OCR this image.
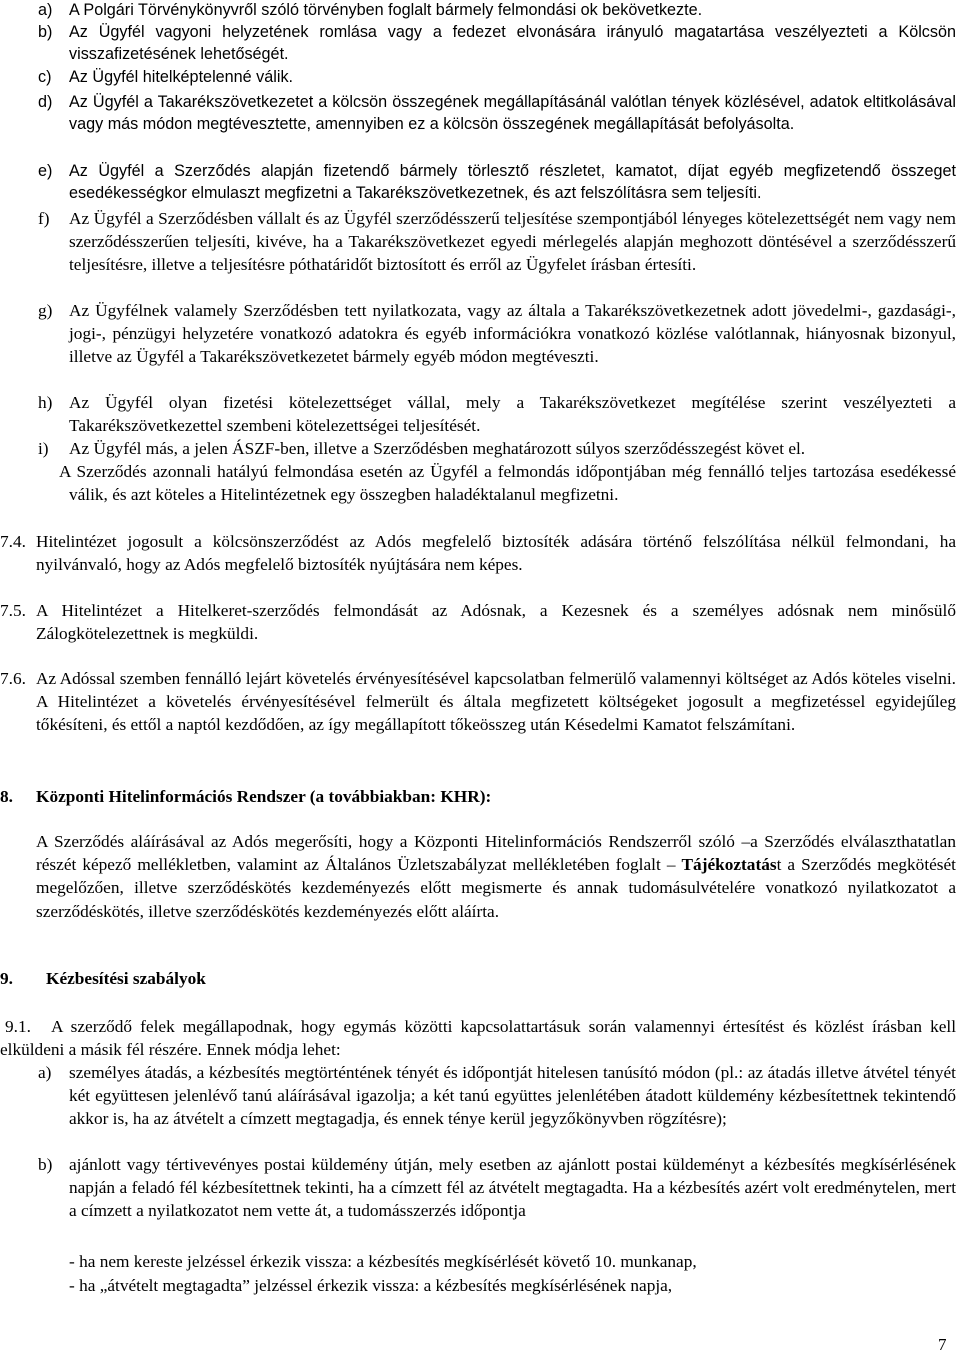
a)	A Polgári Törvénykönyvről szóló törvényben foglalt bármely felmondási ok bekövetkezte.
b)	Az Ügyfél vagyoni helyzetének romlása vagy a fedezet elvonására irányuló magatartása veszélyezteti a Kölcsön visszafizetésének lehetőségét.
c)	Az Ügyfél hitelképtelenné válik.
d)	Az Ügyfél a Takarékszövetkezetet a kölcsön összegének megállapításánál valótlan tények közlésével, adatok eltitkolásával vagy más módon megtévesztette, amennyiben ez a kölcsön összegének megállapítását befolyásolta.
e)	Az Ügyfél a Szerződés alapján fizetendő bármely törlesztő részletet, kamatot, díjat egyéb megfizetendő összeget esedékességkor elmulaszt megfizetni a Takarékszövetkezetnek, és azt felszólításra sem teljesíti.
f)	Az Ügyfél a Szerződésben vállalt és az Ügyfél szerződésszerű teljesítése szempontjából lényeges kötelezettségét nem vagy nem szerződésszerűen teljesíti, kivéve, ha a Takarékszövetkezet egyedi mérlegelés alapján meghozott döntésével a szerződésszerű teljesítésre, illetve a teljesítésre póthatáridőt biztosított és erről az Ügyfelet írásban értesíti.
g) Az Ügyfélnek valamely Szerződésben tett nyilatkozata, vagy az általa a Takarékszövetkezetnek adott jövedelmi-, gazdasági-, jogi-, pénzügyi helyzetére vonatkozó adatokra és egyéb információkra vonatkozó közlése valótlannak, hiányosnak bizonyul, illetve az Ügyfél a Takarékszövetkezetet bármely egyéb módon megtéveszti.
h) Az Ügyfél olyan fizetési kötelezettséget vállal, mely a Takarékszövetkezet megítélése szerint veszélyezteti a Takarékszövetkezettel szembeni kötelezettségei teljesítését.
i)	Az Ügyfél más, a jelen ÁSZF-ben, illetve a Szerződésben meghatározott súlyos szerződésszegést követ el.

A Szerződés azonnali hatályú felmondása esetén az Ügyfél a felmondás időpontjában még fennálló teljes tartozása esedékessé válik, és azt köteles a Hitelintézetnek egy összegben haladéktalanul megfizetni.

7.4. Hitelintézet jogosult a kölcsönszerződést az Adós megfelelő biztosíték adására történő felszólítása nélkül felmondani, ha nyilvánvaló, hogy az Adós megfelelő biztosíték nyújtására nem képes.
7.5. A Hitelintézet a Hitelkeret-szerződés felmondását az Adósnak, a Kezesnek és a személyes adósnak nem minősülő Zálogkötelezettnek is megküldi.
7.6. Az Adóssal szemben fennálló lejárt követelés érvényesítésével kapcsolatban felmerülő valamennyi költséget az Adós köteles viselni. A Hitelintézet a követelés érvényesítésével felmerült és általa megfizetett költségeket jogosult a megfizetéssel egyidejűleg tőkésíteni, és ettől a naptól kezdődően, az így megállapított tőkeösszeg után Késedelmi Kamatot felszámítani.
8. Központi Hitelinformációs Rendszer (a továbbiakban: KHR):

A Szerződés aláírásával az Adós megerősíti, hogy a Központi Hitelinformációs Rendszerről szóló –a Szerződés elválaszthatatlan részét képező mellékletben, valamint az Általános Üzletszabályzat mellékletében foglalt – Tájékoztatást a Szerződés megkötését megelőzően, illetve szerződéskötés kezdeményezés előtt megismerte és annak tudomásulvételére vonatkozó nyilatkozatot a szerződéskötés, illetve szerződéskötés kezdeményezés előtt aláírta.

9. Kézbesítési szabályok

9.1. A szerződő felek megállapodnak, hogy egymás közötti kapcsolattartásuk során valamennyi értesítést és közlést írásban kell elküldeni a másik fél részére. Ennek módja lehet:

a)	személyes átadás, a kézbesítés megtörténtének tényét és időpontját hitelesen tanúsító módon (pl.: az átadás illetve átvétel tényét két együttesen jelenlévő tanú aláírásával igazolja; a két tanú együttes jelenlétében átadott küldemény kézbesítettnek tekintendő akkor is, ha az átvételt a címzett megtagadja, és ennek ténye kerül jegyzőkönyvben rögzítésre);
b) ajánlott vagy tértivevényes postai küldemény útján, mely esetben az ajánlott postai küldeményt a kézbesítés megkísérlésének napján a feladó fél kézbesítettnek tekinti, ha a címzett fél az átvételt megtagadta. Ha a kézbesítés azért volt eredménytelen, mert a címzett a nyilatkozatot nem vette át, a tudomásszerzés időpontja

- ha nem kereste jelzéssel érkezik vissza: a kézbesítés megkísérlését követő 10. munkanap,

- ha „átvételt megtagadta” jelzéssel érkezik vissza: a kézbesítés megkísérlésének napja,

7
